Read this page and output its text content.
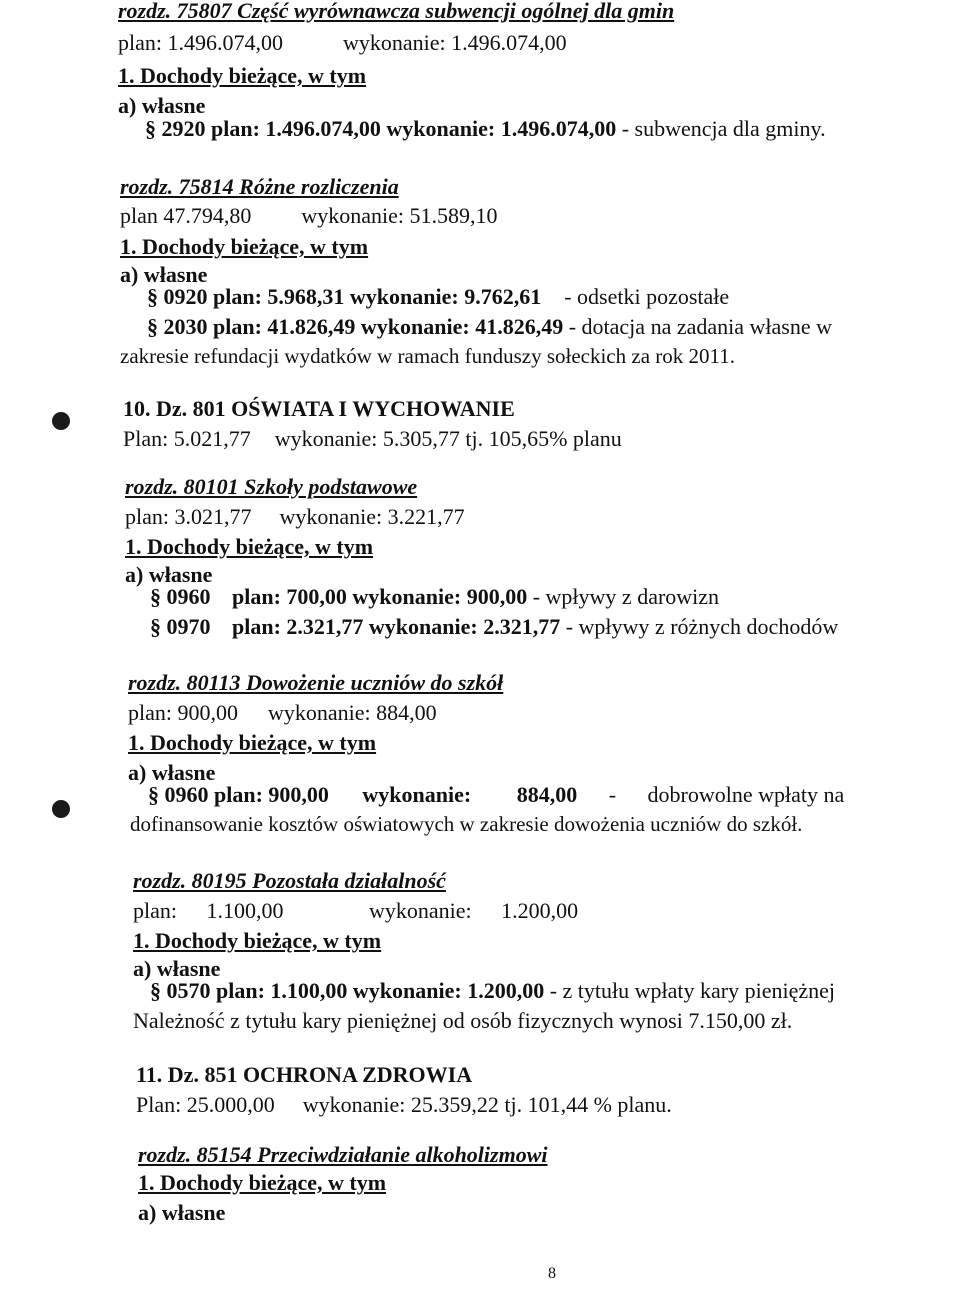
rozdz. 75807 Część wyrównawcza subwencji ogólnej dla gmin
plan: 1.496.074,00	wykonanie: 1.496.074,00
1. Dochody bieżące, w tym
a) własne
§ 2920 plan: 1.496.074,00 wykonanie: 1.496.074,00 - subwencja dla gminy.
rozdz. 75814 Różne rozliczenia
plan 47.794,80 wykonanie: 51.589,10
1. Dochody bieżące, w tym
a) własne
§ 0920 plan: 5.968,31 wykonanie: 9.762,61 - odsetki pozostałe
§ 2030 plan: 41.826,49 wykonanie: 41.826,49 - dotacja na zadania własne w
zakresie refundacji wydatków w ramach funduszy sołeckich za rok 2011.
10. Dz. 801 OŚWIATA I WYCHOWANIE
Plan: 5.021,77 wykonanie: 5.305,77 tj. 105,65% planu
rozdz. 80101 Szkoły podstawowe
plan: 3.021,77 wykonanie: 3.221,77
1. Dochody bieżące, w tym
a) własne
§ 0960 plan: 700,00 wykonanie: 900,00 - wpływy z darowizn
§ 0970 plan: 2.321,77 wykonanie: 2.321,77 - wpływy z różnych dochodów
rozdz. 80113 Dowożenie uczniów do szkół
plan: 900,00 wykonanie: 884,00
1. Dochody bieżące, w tym
a) własne
§ 0960 plan: 900,00 wykonanie: 884,00 - dobrowolne wpłaty na
dofinansowanie kosztów oświatowych w zakresie dowożenia uczniów do szkół.
rozdz. 80195 Pozostała działalność
plan: 1.100,00	wykonanie: 1.200,00
1. Dochody bieżące, w tym
a) własne
§ 0570 plan: 1.100,00 wykonanie: 1.200,00 - z tytułu wpłaty kary pieniężnej
Należność z tytułu kary pieniężnej od osób fizycznych wynosi 7.150,00 zł.
11. Dz. 851 OCHRONA ZDROWIA
Plan: 25.000,00 wykonanie: 25.359,22 tj. 101,44 % planu.
rozdz. 85154 Przeciwdziałanie alkoholizmowi
1. Dochody bieżące, w tym
a) własne
8
